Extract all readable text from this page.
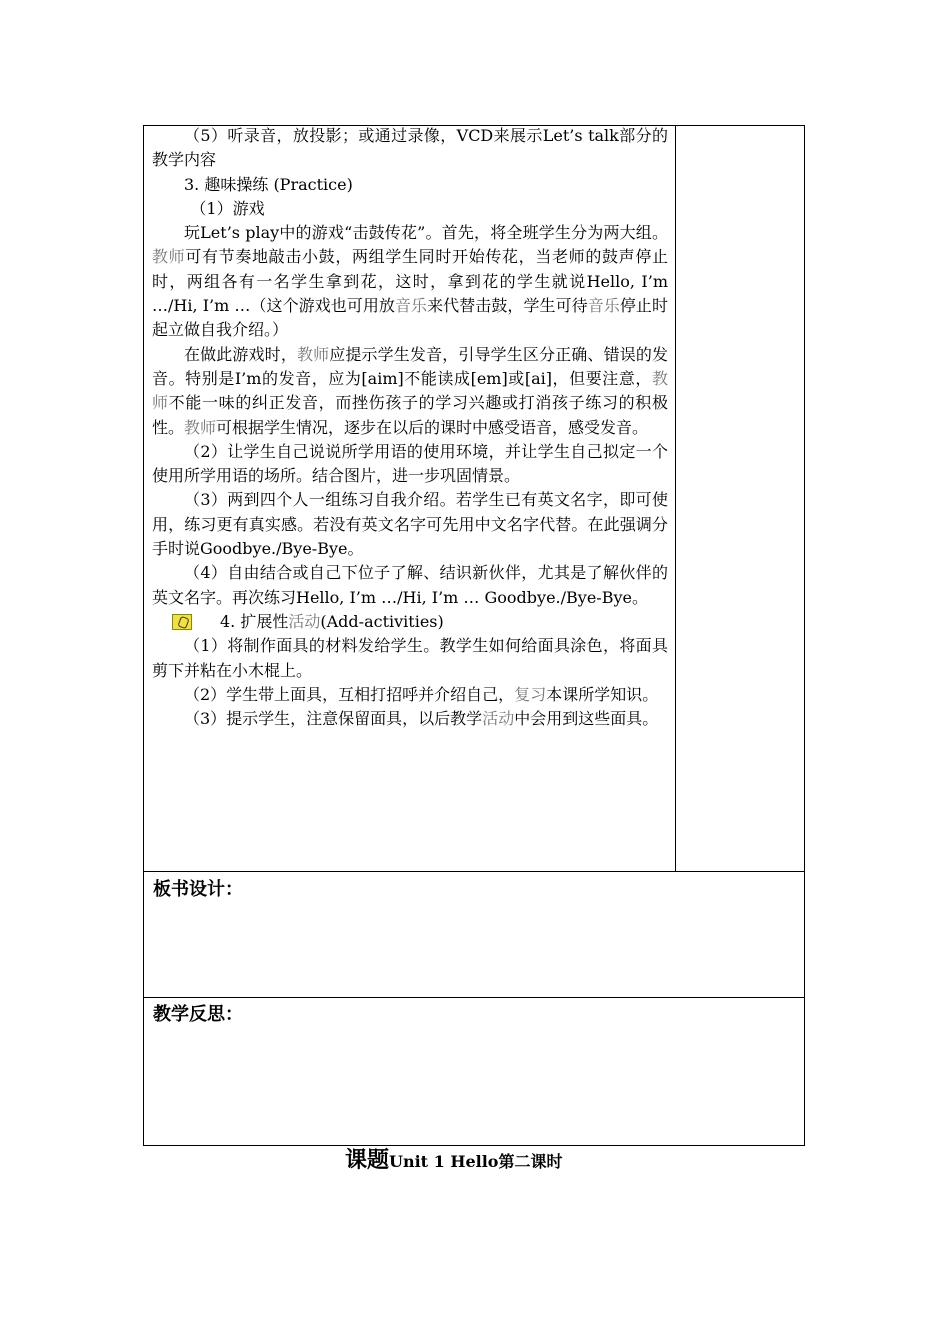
（5）听录音，放投影；或通过录像，VCD来展示Let’s talk部分的教学内容

3. 趣味操练 (Practice)

（1）游戏

玩Let’s play中的游戏“击鼓传花”。首先，将全班学生分为两大组。教师可有节奏地敲击小鼓，两组学生同时开始传花，当老师的鼓声停止时，两组各有一名学生拿到花，这时，拿到花的学生就说Hello, I’m …/Hi, I’m …（这个游戏也可用放音乐来代替击鼓，学生可待音乐停止时起立做自我介绍。）

在做此游戏时，教师应提示学生发音，引导学生区分正确、错误的发音。特别是I’m的发音，应为[aim]不能读成[em]或[ai]，但要注意，教师不能一味的纠正发音，而挫伤孩子的学习兴趣或打消孩子练习的积极性。教师可根据学生情况，逐步在以后的课时中感受语音，感受发音。

（2）让学生自己说说所学用语的使用环境，并让学生自己拟定一个使用所学用语的场所。结合图片，进一步巩固情景。

（3）两到四个人一组练习自我介绍。若学生已有英文名字，即可使用，练习更有真实感。若没有英文名字可先用中文名字代替。在此强调分手时说Goodbye./Bye-Bye。

（4）自由结合或自己下位子了解、结识新伙伴，尤其是了解伙伴的英文名字。再次练习Hello, I’m …/Hi, I’m … Goodbye./Bye-Bye。

4. 扩展性活动(Add-activities)

（1）将制作面具的材料发给学生。教学生如何给面具涂色，将面具剪下并粘在小木棍上。

（2）学生带上面具，互相打招呼并介绍自己，复习本课所学知识。

（3）提示学生，注意保留面具，以后教学活动中会用到这些面具。

板书设计：
教学反思：
课题Unit 1 Hello第二课时
